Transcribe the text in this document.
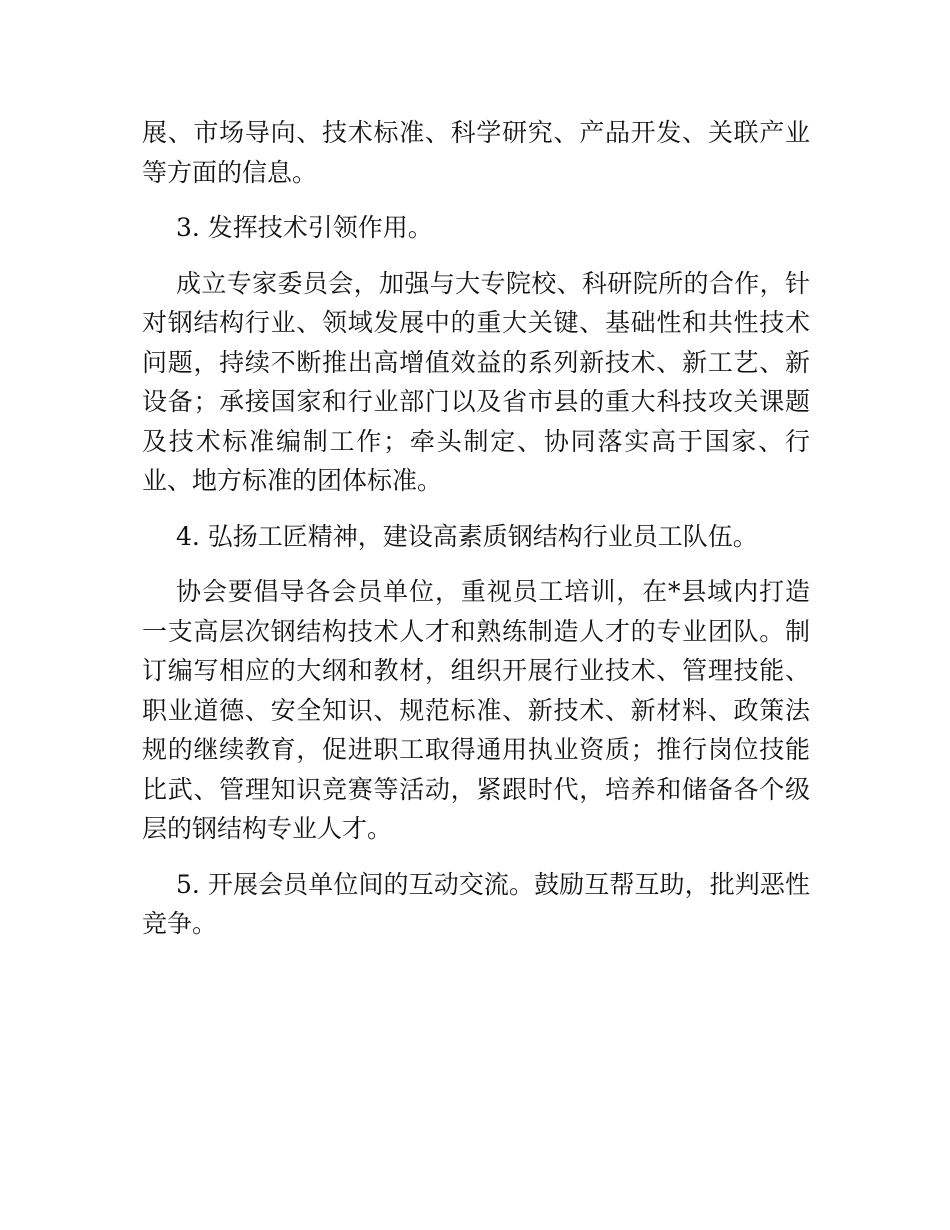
展、市场导向、技术标准、科学研究、产品开发、关联产业等方面的信息。

3. 发挥技术引领作用。

成立专家委员会，加强与大专院校、科研院所的合作，针对钢结构行业、领域发展中的重大关键、基础性和共性技术问题，持续不断推出高增值效益的系列新技术、新工艺、新设备；承接国家和行业部门以及省市县的重大科技攻关课题及技术标准编制工作；牵头制定、协同落实高于国家、行业、地方标准的团体标准。

4. 弘扬工匠精神，建设高素质钢结构行业员工队伍。

协会要倡导各会员单位，重视员工培训，在*县域内打造一支高层次钢结构技术人才和熟练制造人才的专业团队。制订编写相应的大纲和教材，组织开展行业技术、管理技能、职业道德、安全知识、规范标准、新技术、新材料、政策法规的继续教育，促进职工取得通用执业资质；推行岗位技能比武、管理知识竞赛等活动，紧跟时代，培养和储备各个级层的钢结构专业人才。

5. 开展会员单位间的互动交流。鼓励互帮互助，批判恶性竞争。
